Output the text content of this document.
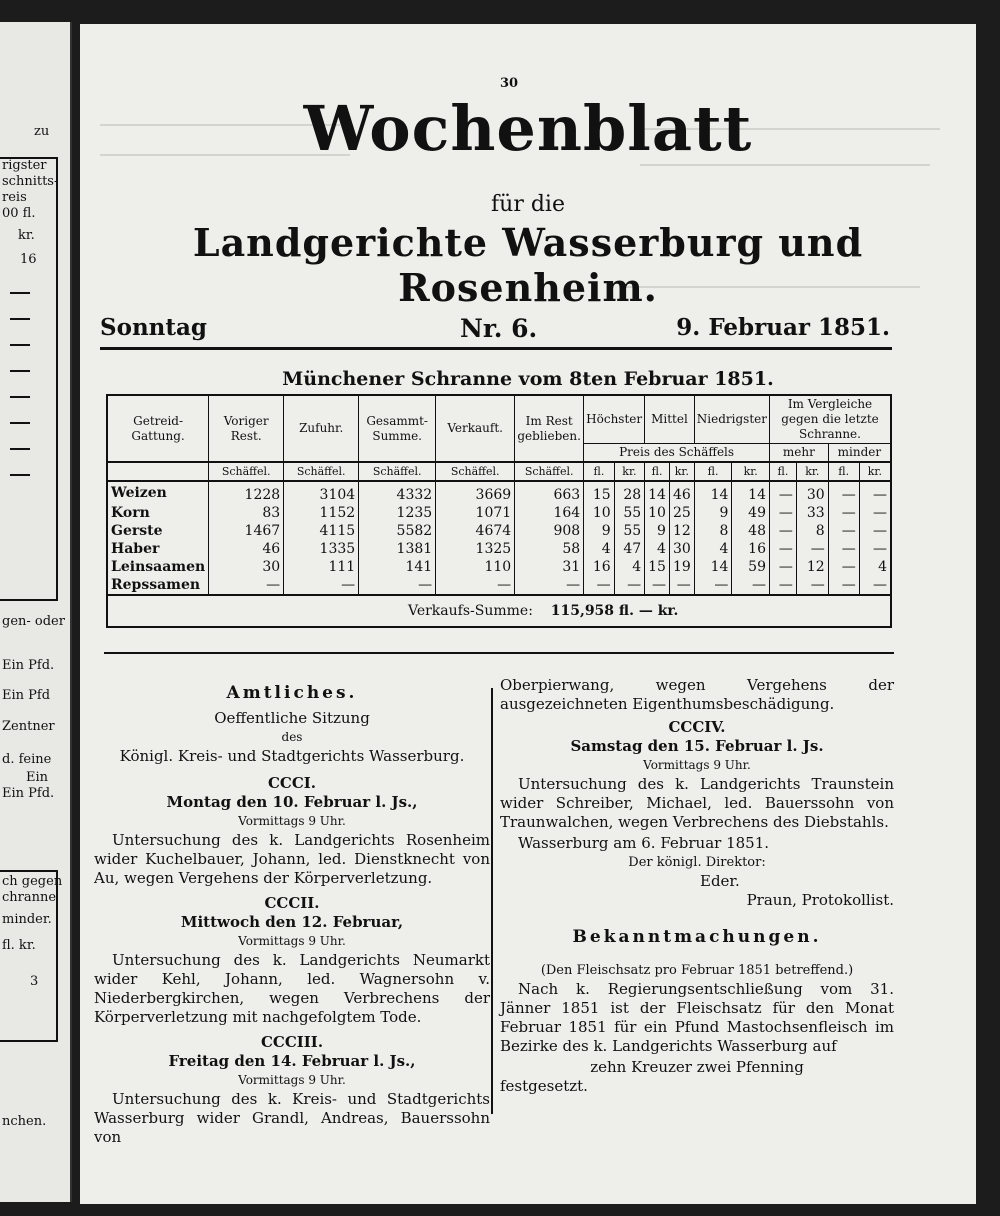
zu
rigster
schnitts-
reis
00 fl.
kr.
16
gen- oder
Ein Pfd.
Ein Pfd
Zentner
d. feine
Ein
Ein Pfd.
ch gegen
chranne
minder.
fl. kr.
3
nchen.
30
Wochenblatt
für die
Landgerichte Wasserburg und Rosenheim.
Sonntag	Nr. 6.	9. Februar 1851.
Münchener Schranne vom 8ten Februar 1851.
Getreid-Gattung.	Voriger Rest.	Zufuhr.	Gesammt-Summe.	Verkauft.	Im Rest geblieben.	Höchster		Mittel		Niedrigster		Im Vergleiche gegen die letzte Schranne.			
						Preis des Schäffels						mehr		minder	
	Schäffel.	Schäffel.	Schäffel.	Schäffel.	Schäffel.	fl.	kr.	fl.	kr.	fl.	kr.	fl.	kr.	fl.	kr.
Weizen	1228	3104	4332	3669	663	15	28	14	46	14	14	—	30	—	—
Korn	83	1152	1235	1071	164	10	55	10	25	9	49	—	33	—	—
Gerste	1467	4115	5582	4674	908	9	55	9	12	8	48	—	8	—	—
Haber	46	1335	1381	1325	58	4	47	4	30	4	16	—	—	—	—
Leinsaamen	30	111	141	110	31	16	4	15	19	14	59	—	12	—	4
Repssamen	—	—	—	—	—	—	—	—	—	—	—	—	—	—	—
Verkaufs-Summe: 115,958 fl. — kr.															
Amtliches.

Oeffentliche Sitzung

des

Königl. Kreis- und Stadtgerichts Wasserburg.

CCCI.

Montag den 10. Februar l. Js.,

Vormittags 9 Uhr.

Untersuchung des k. Landgerichts Rosenheim wider Kuchelbauer, Johann, led. Dienstknecht von Au, wegen Vergehens der Körperverletzung.

CCCII.

Mittwoch den 12. Februar,

Vormittags 9 Uhr.

Untersuchung des k. Landgerichts Neumarkt wider Kehl, Johann, led. Wagnersohn v. Niederbergkirchen, wegen Verbrechens der Körperverletzung mit nachgefolgtem Tode.

CCCIII.

Freitag den 14. Februar l. Js.,

Vormittags 9 Uhr.

Untersuchung des k. Kreis- und Stadtgerichts Wasserburg wider Grandl, Andreas, Bauerssohn von

Oberpierwang, wegen Vergehens der ausgezeichneten Eigenthumsbeschädigung.

CCCIV.

Samstag den 15. Februar l. Js.

Vormittags 9 Uhr.

Untersuchung des k. Landgerichts Traunstein wider Schreiber, Michael, led. Bauerssohn von Traunwalchen, wegen Verbrechens des Diebstahls.

Wasserburg am 6. Februar 1851.

Der königl. Direktor:

Eder.

Praun, Protokollist.

Bekanntmachungen.

(Den Fleischsatz pro Februar 1851 betreffend.)

Nach k. Regierungsentschließung vom 31. Jänner 1851 ist der Fleischsatz für den Monat Februar 1851 für ein Pfund Mastochsenfleisch im Bezirke des k. Landgerichts Wasserburg auf

zehn Kreuzer zwei Pfenning

festgesetzt.
